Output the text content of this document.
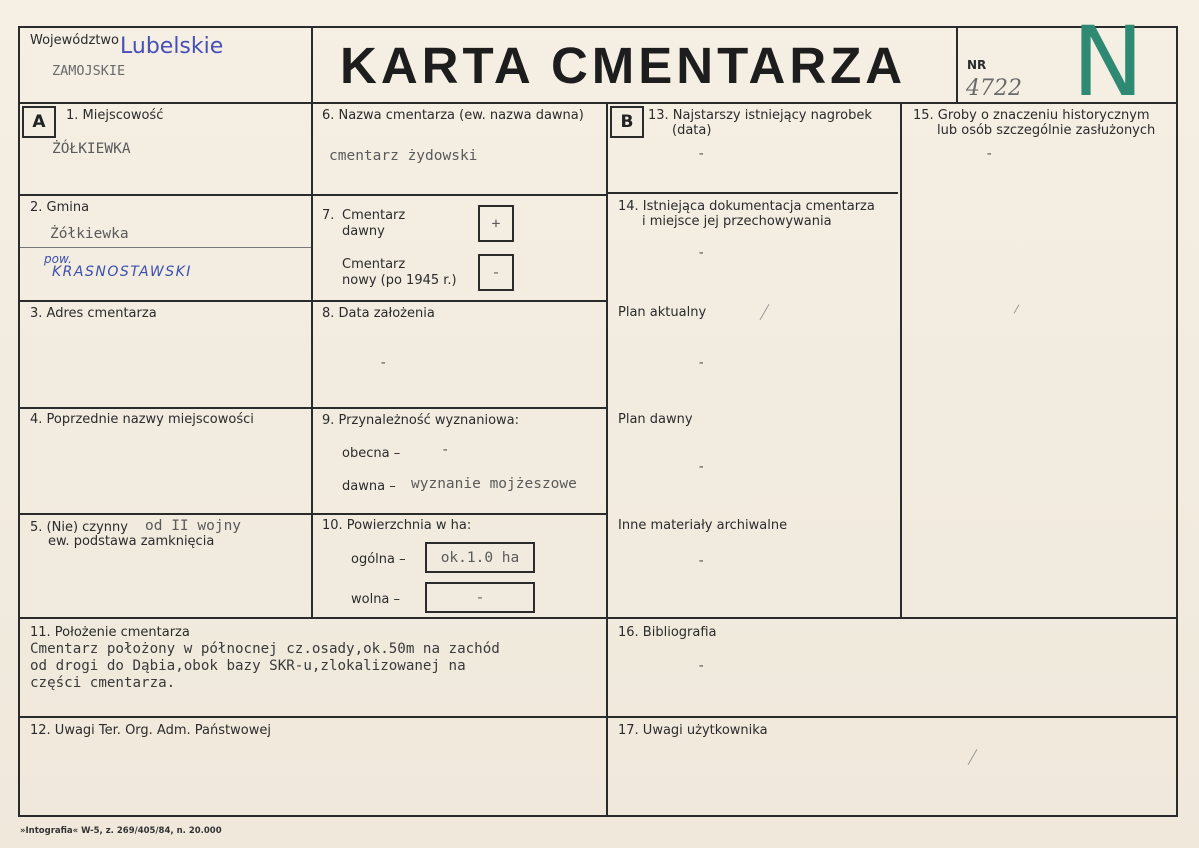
Województwo Lubelskie
ZAMOJSKIE	KARTA CMENTARZA	NR
4722 N
A	B
1. Miejscowość
ŻÓŁKIEWKA
2. Gmina
Żółkiewka
pow.
KRASNOSTAWSKI
3. Adres cmentarza
4. Poprzednie nazwy miejscowości
5. (Nie) czynny
ew. podstawa zamknięcia
od II wojny
6. Nazwa cmentarza (ew. nazwa dawna)
cmentarz żydowski
7. Cmentarz
dawny	+
Cmentarz
nowy (po 1945 r.)	-
8. Data założenia
-
9. Przynależność wyznaniowa:
obecna –	-
dawna – wyznanie mojżeszowe
10. Powierzchnia w ha:
ogólna –	ok.1.0 ha
wolna –	-
13. Najstarszy istniejący nagrobek
(data)
-
14. Istniejąca dokumentacja cmentarza
i miejsce jej przechowywania
-
Plan aktualny
-
Plan dawny
-
Inne materiały archiwalne
-
15. Groby o znaczeniu historycznym
lub osób szczególnie zasłużonych
-
11. Położenie cmentarza
Cmentarz położony w północnej cz.osady,ok.50m na zachód
od drogi do Dąbia,obok bazy SKR-u,zlokalizowanej na
części cmentarza.
16. Bibliografia
-
12. Uwagi Ter. Org. Adm. Państwowej	17. Uwagi użytkownika
»Intografia« W-5, z. 269/405/84, n. 20.000
